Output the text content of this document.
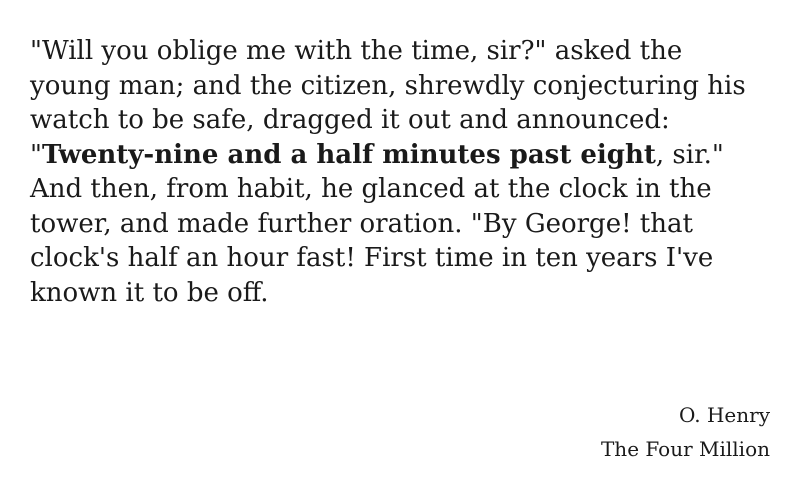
"Will you oblige me with the time, sir?" asked the young man; and the citizen, shrewdly conjecturing his watch to be safe, dragged it out and announced: "Twenty-nine and a half minutes past eight, sir." And then, from habit, he glanced at the clock in the tower, and made further oration. "By George! that clock's half an hour fast! First time in ten years I've known it to be off.

O. Henry
The Four Million
